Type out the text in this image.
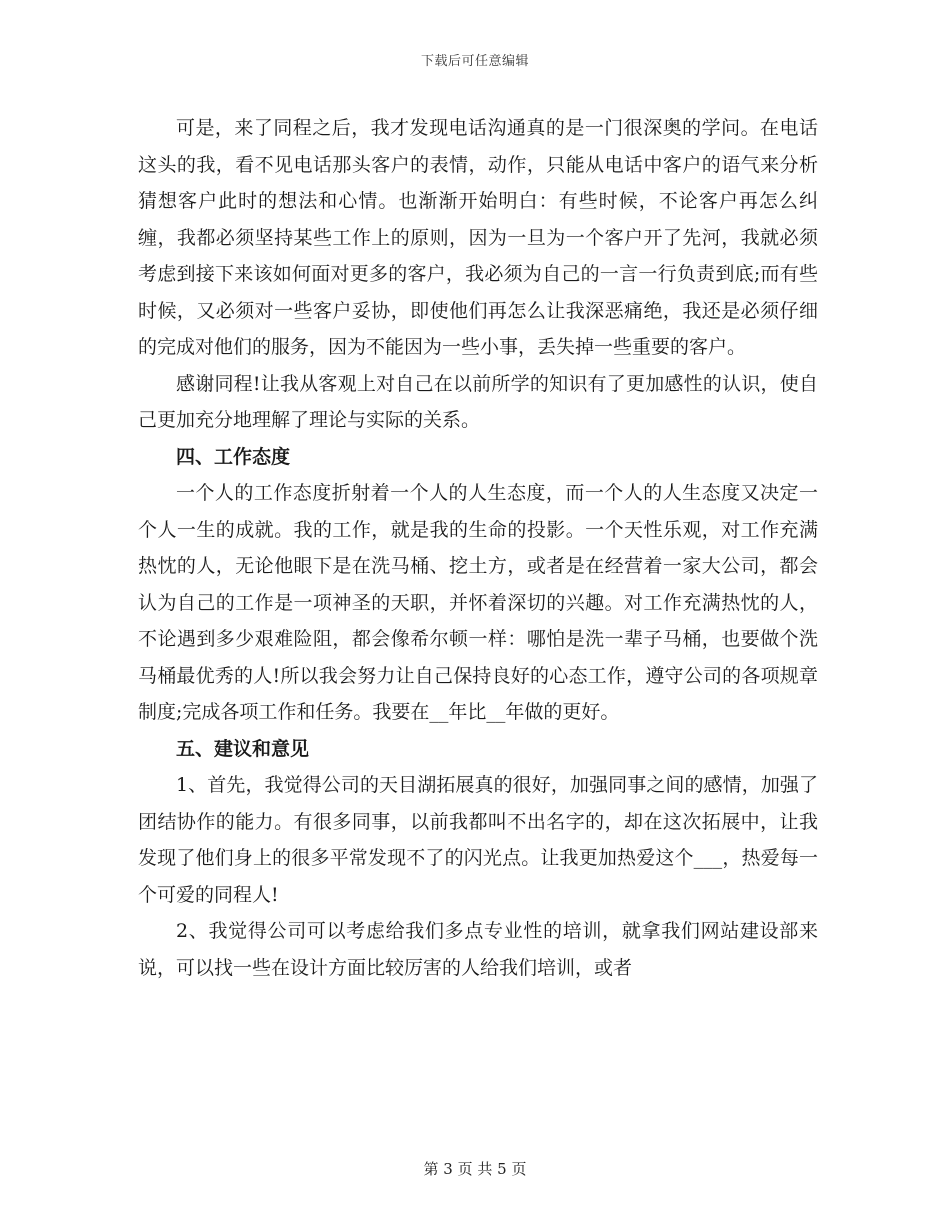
下载后可任意编辑

可是，来了同程之后，我才发现电话沟通真的是一门很深奥的学问。在电话这头的我，看不见电话那头客户的表情，动作，只能从电话中客户的语气来分析猜想客户此时的想法和心情。也渐渐开始明白：有些时候，不论客户再怎么纠缠，我都必须坚持某些工作上的原则，因为一旦为一个客户开了先河，我就必须考虑到接下来该如何面对更多的客户，我必须为自己的一言一行负责到底;而有些时候，又必须对一些客户妥协，即使他们再怎么让我深恶痛绝，我还是必须仔细的完成对他们的服务，因为不能因为一些小事，丢失掉一些重要的客户。

感谢同程!让我从客观上对自己在以前所学的知识有了更加感性的认识，使自己更加充分地理解了理论与实际的关系。

四、工作态度

一个人的工作态度折射着一个人的人生态度，而一个人的人生态度又决定一个人一生的成就。我的工作，就是我的生命的投影。一个天性乐观，对工作充满热忱的人，无论他眼下是在洗马桶、挖土方，或者是在经营着一家大公司，都会认为自己的工作是一项神圣的天职，并怀着深切的兴趣。对工作充满热忱的人，不论遇到多少艰难险阻，都会像希尔顿一样：哪怕是洗一辈子马桶，也要做个洗马桶最优秀的人!所以我会努力让自己保持良好的心态工作，遵守公司的各项规章制度;完成各项工作和任务。我要在__年比__年做的更好。

五、建议和意见

1、首先，我觉得公司的天目湖拓展真的很好，加强同事之间的感情，加强了团结协作的能力。有很多同事，以前我都叫不出名字的，却在这次拓展中，让我发现了他们身上的很多平常发现不了的闪光点。让我更加热爱这个___，热爱每一个可爱的同程人!

2、我觉得公司可以考虑给我们多点专业性的培训，就拿我们网站建设部来说，可以找一些在设计方面比较厉害的人给我们培训，或者

第 3 页 共 5 页
